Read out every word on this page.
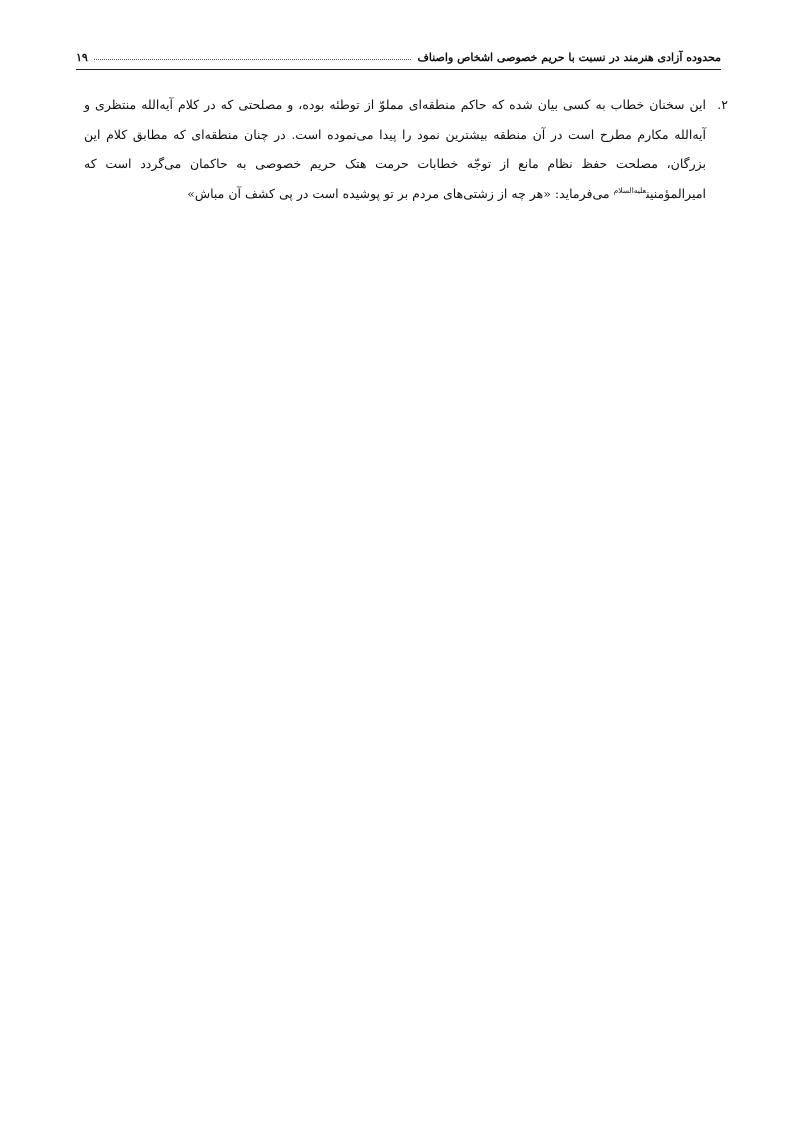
محدوده آزادی هنرمند در نسبت با حریم خصوصی اشخاص واصناف
۱۹
۲.
این سخنان خطاب به کسی بیان شده که حاکم منطقه‌ای مملوّ از توطئه بوده، و مصلحتی که در کلام آیه‌الله منتظری و آیه‌الله مکارم مطرح است در آن منطقه بیشترین نمود را پیدا می‌نموده است. در چنان منطقه‌ای که مطابق کلام این بزرگان، مصلحت حفظ نظام مانع از توجّه خطابات حرمت هتک حریم خصوصی به حاکمان می‌گردد است که امیرالمؤمنین$^{علیه‌السلام}$ می‌فرماید: «هر چه از زشتی‌های مردم بر تو پوشیده است در پی کشف آن مباش»
